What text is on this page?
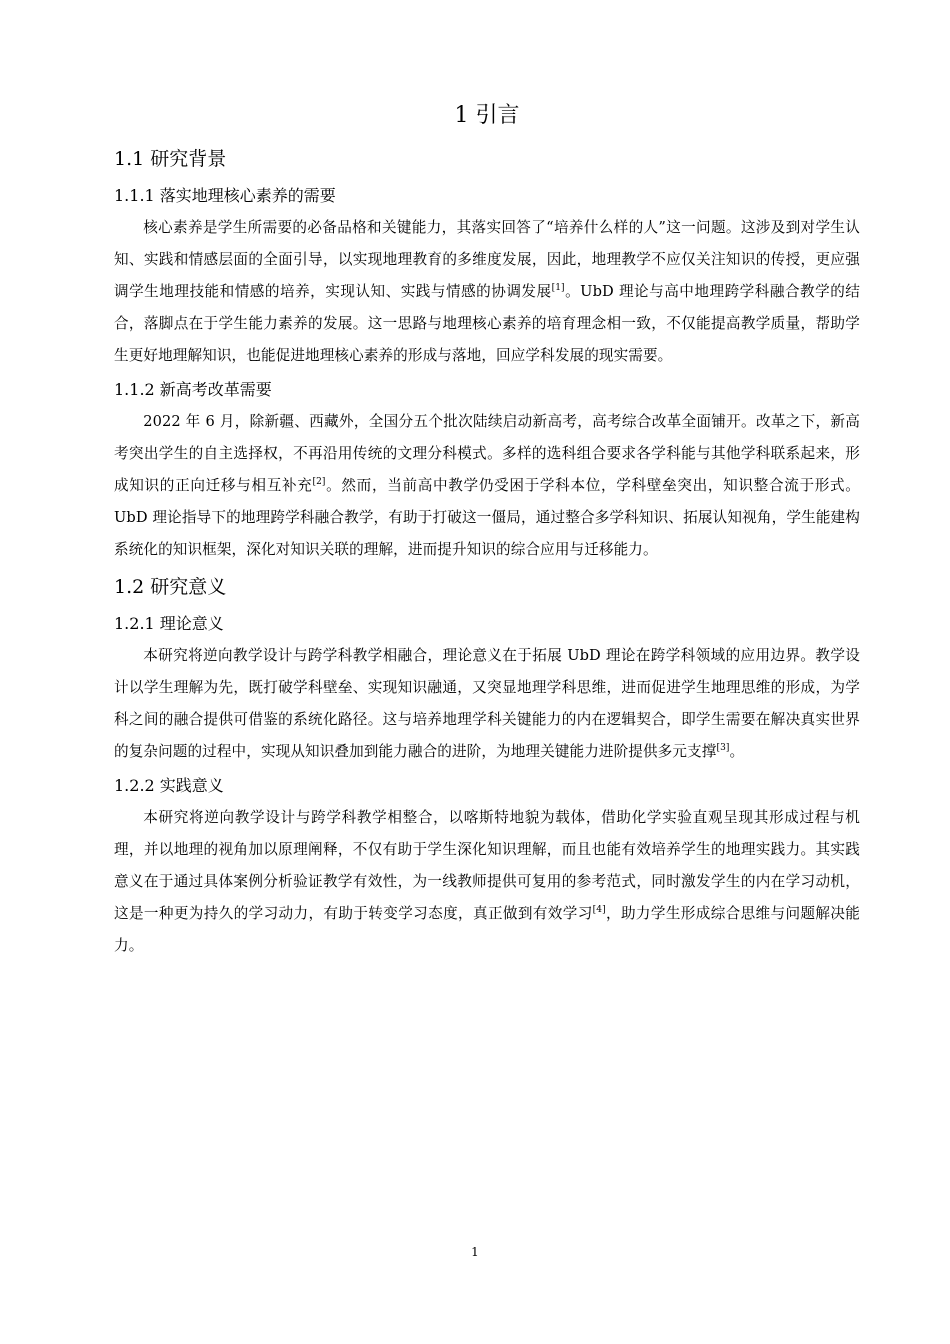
1 引言
1.1 研究背景
1.1.1 落实地理核心素养的需要

核心素养是学生所需要的必备品格和关键能力，其落实回答了“培养什么样的人”这一问题。这涉及到对学生认知、实践和情感层面的全面引导，以实现地理教育的多维度发展，因此，地理教学不应仅关注知识的传授，更应强调学生地理技能和情感的培养，实现认知、实践与情感的协调发展[1]。UbD 理论与高中地理跨学科融合教学的结合，落脚点在于学生能力素养的发展。这一思路与地理核心素养的培育理念相一致，不仅能提高教学质量，帮助学生更好地理解知识，也能促进地理核心素养的形成与落地，回应学科发展的现实需要。

1.1.2 新高考改革需要

2022 年 6 月，除新疆、西藏外，全国分五个批次陆续启动新高考，高考综合改革全面铺开。改革之下，新高考突出学生的自主选择权，不再沿用传统的文理分科模式。多样的选科组合要求各学科能与其他学科联系起来，形成知识的正向迁移与相互补充[2]。然而，当前高中教学仍受困于学科本位，学科壁垒突出，知识整合流于形式。UbD 理论指导下的地理跨学科融合教学，有助于打破这一僵局，通过整合多学科知识、拓展认知视角，学生能建构系统化的知识框架，深化对知识关联的理解，进而提升知识的综合应用与迁移能力。

1.2 研究意义
1.2.1 理论意义

本研究将逆向教学设计与跨学科教学相融合，理论意义在于拓展 UbD 理论在跨学科领域的应用边界。教学设计以学生理解为先，既打破学科壁垒、实现知识融通，又突显地理学科思维，进而促进学生地理思维的形成，为学科之间的融合提供可借鉴的系统化路径。这与培养地理学科关键能力的内在逻辑契合，即学生需要在解决真实世界的复杂问题的过程中，实现从知识叠加到能力融合的进阶，为地理关键能力进阶提供多元支撑[3]。

1.2.2 实践意义

本研究将逆向教学设计与跨学科教学相整合，以喀斯特地貌为载体，借助化学实验直观呈现其形成过程与机理，并以地理的视角加以原理阐释，不仅有助于学生深化知识理解，而且也能有效培养学生的地理实践力。其实践意义在于通过具体案例分析验证教学有效性，为一线教师提供可复用的参考范式，同时激发学生的内在学习动机，这是一种更为持久的学习动力，有助于转变学习态度，真正做到有效学习[4]，助力学生形成综合思维与问题解决能力。

1
